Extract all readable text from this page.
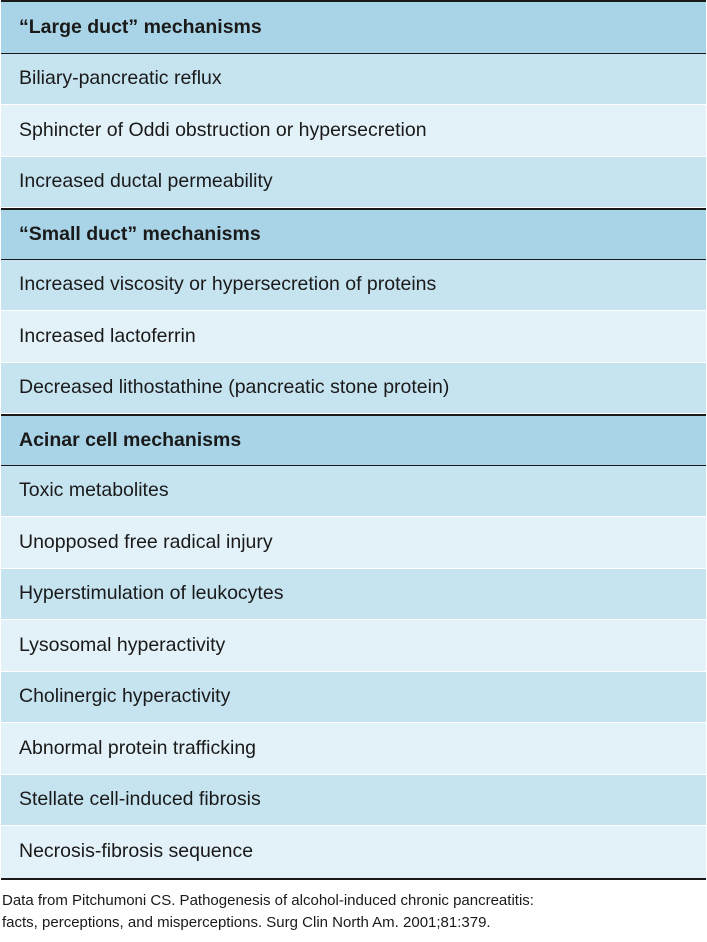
“Large duct” mechanisms
Biliary-pancreatic reflux
Sphincter of Oddi obstruction or hypersecretion
Increased ductal permeability
“Small duct” mechanisms
Increased viscosity or hypersecretion of proteins
Increased lactoferrin
Decreased lithostathine (pancreatic stone protein)
Acinar cell mechanisms
Toxic metabolites
Unopposed free radical injury
Hyperstimulation of leukocytes
Lysosomal hyperactivity
Cholinergic hyperactivity
Abnormal protein trafficking
Stellate cell-induced fibrosis
Necrosis-fibrosis sequence
Data from Pitchumoni CS. Pathogenesis of alcohol-induced chronic pancreatitis:
facts, perceptions, and misperceptions. Surg Clin North Am. 2001;81:379.
